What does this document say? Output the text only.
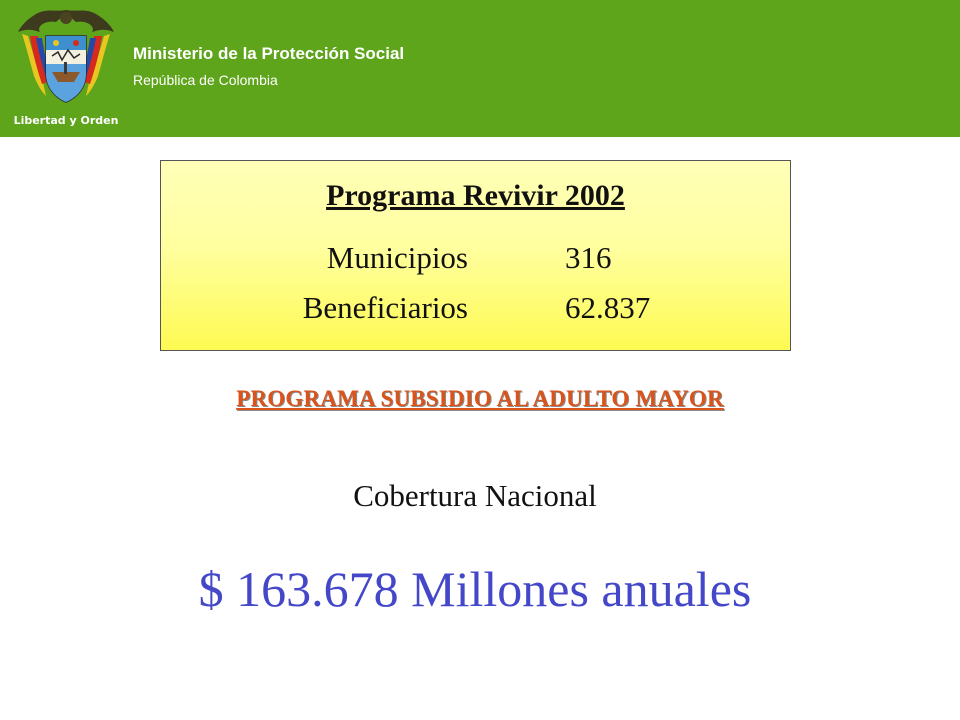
Libertad y Orden
Ministerio de la Protección Social
República de Colombia
Programa Revivir 2002
Municipios	316
Beneficiarios	62.837
PROGRAMA SUBSIDIO AL ADULTO MAYOR
Cobertura Nacional
$ 163.678 Millones anuales
